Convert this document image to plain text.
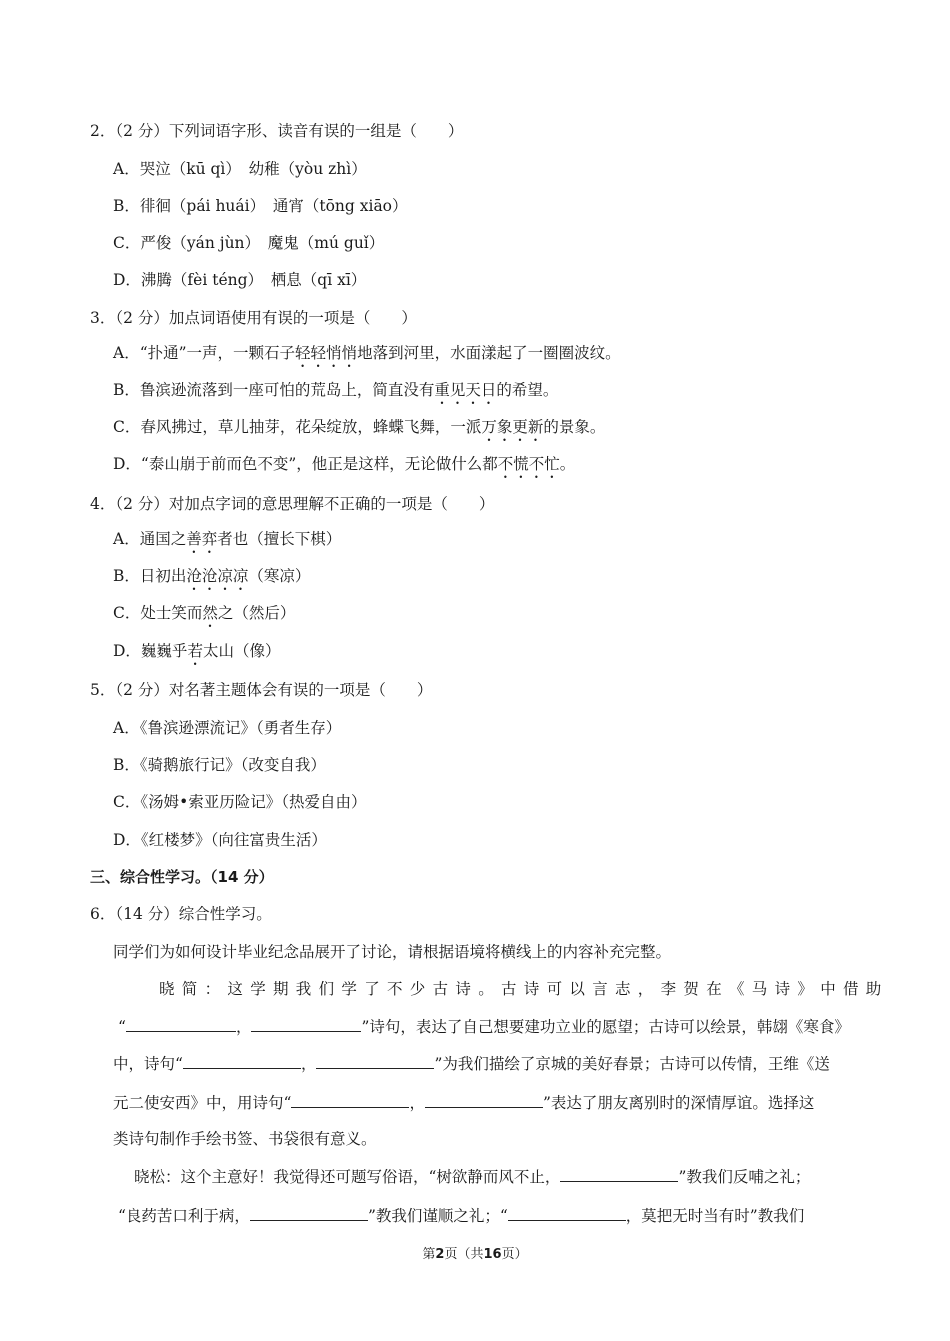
2．（2 分）下列词语字形、读音有误的一组是（　　）
A．哭泣（kū qì）　幼稚（yòu zhì）
B．徘徊（pái huái）　通宵（tōng xiāo）
C．严俊（yán jùn）　魔鬼（mú guǐ）
D．沸腾（fèi téng）　栖息（qī xī）
3．（2 分）加点词语使用有误的一项是（　　）
A．“扑通”一声，一颗石子轻轻悄悄地落到河里，水面漾起了一圈圈波纹。
B．鲁滨逊流落到一座可怕的荒岛上，简直没有重见天日的希望。
C．春风拂过，草儿抽芽，花朵绽放，蜂蝶飞舞，一派万象更新的景象。
D．“泰山崩于前而色不变”，他正是这样，无论做什么都不慌不忙。
4．（2 分）对加点字词的意思理解不正确的一项是（　　）
A．通国之善弈者也（擅长下棋）
B．日初出沧沧凉凉（寒凉）
C．处士笑而然之（然后）
D．巍巍乎若太山（像）
5．（2 分）对名著主题体会有误的一项是（　　）
A．《鲁滨逊漂流记》（勇者生存）
B．《骑鹅旅行记》（改变自我）
C．《汤姆•索亚历险记》（热爱自由）
D．《红楼梦》（向往富贵生活）
三、综合性学习。（14 分）
6．（14 分）综合性学习。
同学们为如何设计毕业纪念品展开了讨论，请根据语境将横线上的内容补充完整。
晓简：这学期我们学了不少古诗。古诗可以言志，李贺在《马诗》中借助
“	，	”诗句，表达了自己想要建功立业的愿望；古诗可以绘景，韩翃《寒食》
中，诗句“	，	”为我们描绘了京城的美好春景；古诗可以传情，王维《送
元二使安西》中，用诗句“	，	”表达了朋友离别时的深情厚谊。选择这
类诗句制作手绘书签、书袋很有意义。
晓松：这个主意好！我觉得还可题写俗语，“树欲静而风不止，	”教我们反哺之礼；
“良药苦口利于病，	”教我们谨顺之礼；“	，莫把无时当有时”教我们
第2页（共16页）
